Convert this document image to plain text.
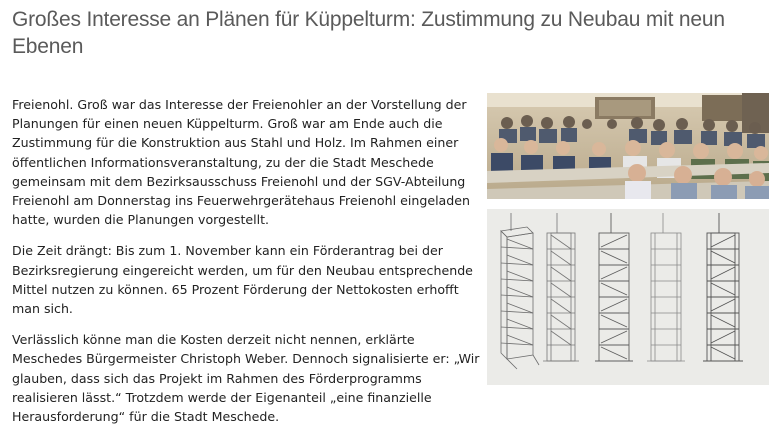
Großes Interesse an Plänen für Küppelturm: Zustimmung zu Neubau mit neun Ebenen

Freienohl. Groß war das Interesse der Freienohler an der Vorstellung der Planungen für einen neuen Küppelturm. Groß war am Ende auch die Zustimmung für die Konstruktion aus Stahl und Holz. Im Rahmen einer öffentlichen Informationsveranstaltung, zu der die Stadt Meschede gemeinsam mit dem Bezirksausschuss Freienohl und der SGV-Abteilung Freienohl am Donnerstag ins Feuerwehrgerätehaus Freienohl eingeladen hatte, wurden die Planungen vorgestellt.

Die Zeit drängt: Bis zum 1. November kann ein Förderantrag bei der Bezirksregierung eingereicht werden, um für den Neubau entsprechende Mittel nutzen zu können. 65 Prozent Förderung der Nettokosten erhofft man sich.

Verlässlich könne man die Kosten derzeit nicht nennen, erklärte Meschedes Bürgermeister Christoph Weber. Dennoch signalisierte er: „Wir glauben, dass sich das Projekt im Rahmen des Förderprogramms realisieren lässt.“ Trotzdem werde der Eigenanteil „eine finanzielle Herausforderung“ für die Stadt Meschede.
